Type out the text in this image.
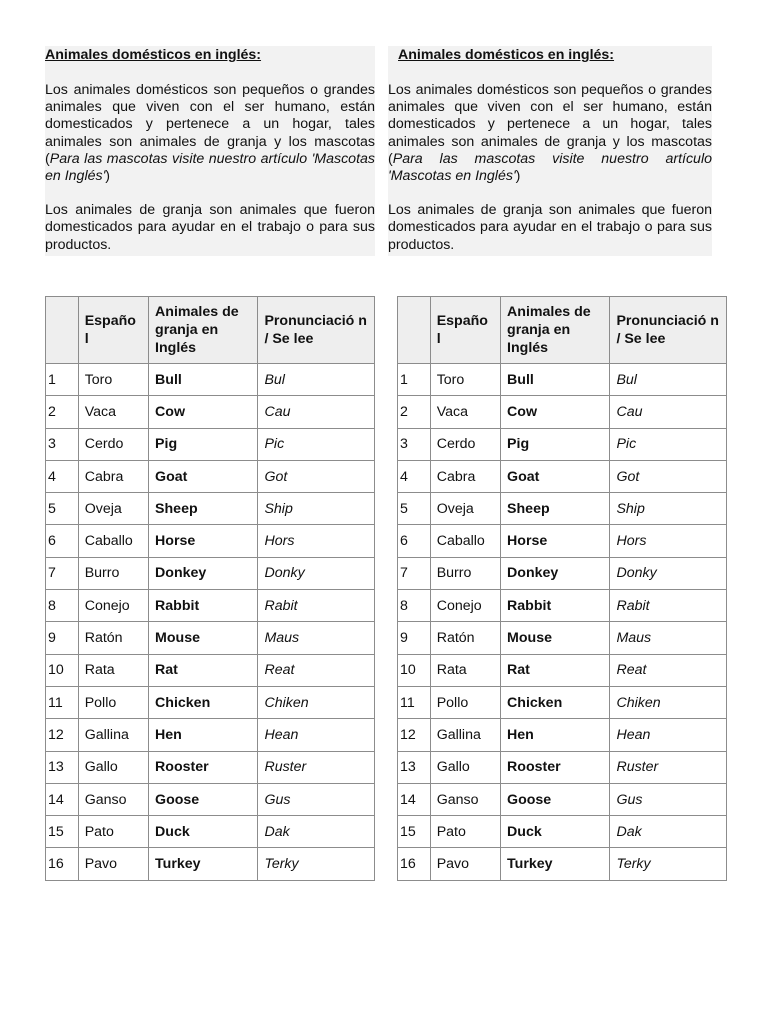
Animales domésticos en inglés:

Los animales domésticos son pequeños o grandes animales que viven con el ser humano, están domesticados y pertenece a un hogar, tales animales son animales de granja y los mascotas (Para las mascotas visite nuestro artículo 'Mascotas en Inglés')

Los animales de granja son animales que fueron domesticados para ayudar en el trabajo o para sus productos.

Animales domésticos en inglés:

Los animales domésticos son pequeños o grandes animales que viven con el ser humano, están domesticados y pertenece a un hogar, tales animales son animales de granja y los mascotas (Para las mascotas visite nuestro artículo 'Mascotas en Inglés')

Los animales de granja son animales que fueron domesticados para ayudar en el trabajo o para sus productos.

	Españo l	Animales de granja en Inglés	Pronunciació n / Se lee
1	Toro	Bull	Bul
2	Vaca	Cow	Cau
3	Cerdo	Pig	Pic
4	Cabra	Goat	Got
5	Oveja	Sheep	Ship
6	Caballo	Horse	Hors
7	Burro	Donkey	Donky
8	Conejo	Rabbit	Rabit
9	Ratón	Mouse	Maus
10	Rata	Rat	Reat
11	Pollo	Chicken	Chiken
12	Gallina	Hen	Hean
13	Gallo	Rooster	Ruster
14	Ganso	Goose	Gus
15	Pato	Duck	Dak
16	Pavo	Turkey	Terky
	Españo l	Animales de granja en Inglés	Pronunciació n / Se lee
1	Toro	Bull	Bul
2	Vaca	Cow	Cau
3	Cerdo	Pig	Pic
4	Cabra	Goat	Got
5	Oveja	Sheep	Ship
6	Caballo	Horse	Hors
7	Burro	Donkey	Donky
8	Conejo	Rabbit	Rabit
9	Ratón	Mouse	Maus
10	Rata	Rat	Reat
11	Pollo	Chicken	Chiken
12	Gallina	Hen	Hean
13	Gallo	Rooster	Ruster
14	Ganso	Goose	Gus
15	Pato	Duck	Dak
16	Pavo	Turkey	Terky
